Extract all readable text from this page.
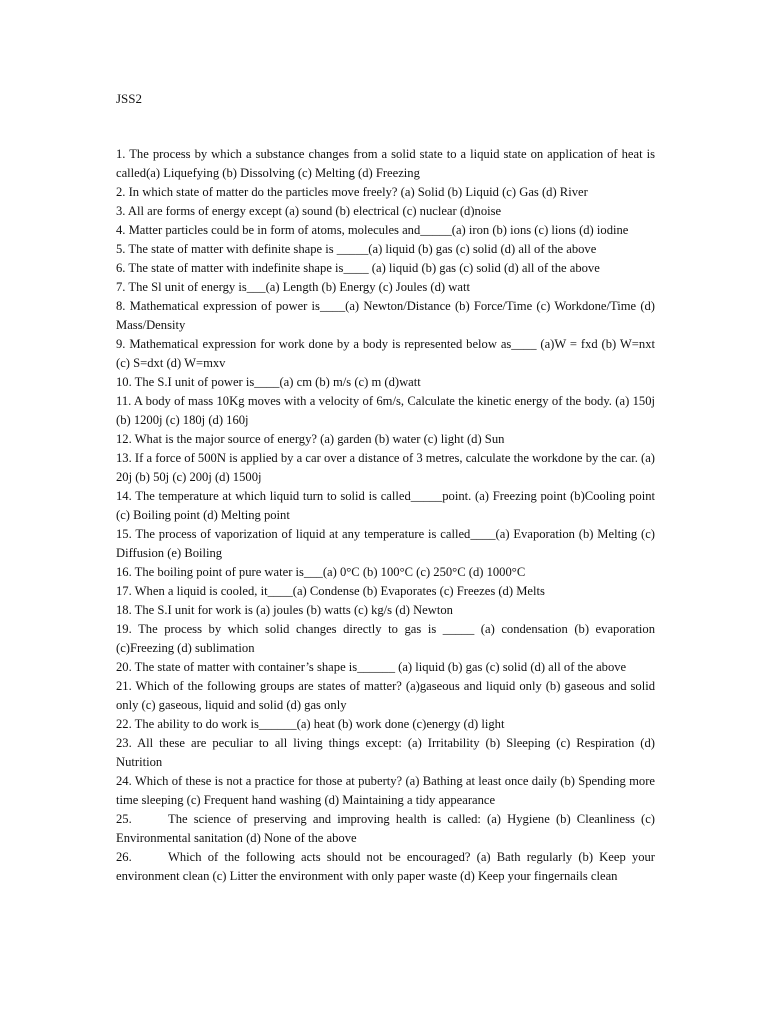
JSS2

1. The process by which a substance changes from a solid state to a liquid state on application of heat is called(a) Liquefying (b) Dissolving (c) Melting (d) Freezing

2. In which state of matter do the particles move freely? (a) Solid (b) Liquid (c) Gas (d) River

3. All are forms of energy except (a) sound (b) electrical (c) nuclear (d)noise

4. Matter particles could be in form of atoms, molecules and_____(a) iron (b) ions (c) lions (d) iodine

5. The state of matter with definite shape is _____(a) liquid (b) gas (c) solid (d) all of the above

6. The state of matter with indefinite shape is____ (a) liquid (b) gas (c) solid (d) all of the above

7. The Sl unit of energy is___(a) Length (b) Energy (c) Joules (d) watt

8. Mathematical expression of power is____(a) Newton/Distance (b) Force/Time (c) Workdone/Time (d) Mass/Density

9. Mathematical expression for work done by a body is represented below as____ (a)W = fxd (b) W=nxt (c) S=dxt (d) W=mxv

10. The S.I unit of power is____(a) cm (b) m/s (c) m (d)watt

11. A body of mass 10Kg moves with a velocity of 6m/s, Calculate the kinetic energy of the body. (a) 150j (b) 1200j (c) 180j (d) 160j

12. What is the major source of energy? (a) garden (b) water (c) light (d) Sun

13. If a force of 500N is applied by a car over a distance of 3 metres, calculate the workdone by the car. (a) 20j (b) 50j (c) 200j (d) 1500j

14. The temperature at which liquid turn to solid is called_____point. (a) Freezing point (b)Cooling point (c) Boiling point (d) Melting point

15. The process of vaporization of liquid at any temperature is called____(a) Evaporation (b) Melting (c) Diffusion (e) Boiling

16. The boiling point of pure water is___(a) 0°C (b) 100°C (c) 250°C (d) 1000°C

17. When a liquid is cooled, it____(a) Condense (b) Evaporates (c) Freezes (d) Melts

18. The S.I unit for work is (a) joules (b) watts (c) kg/s (d) Newton

19. The process by which solid changes directly to gas is _____ (a) condensation (b) evaporation (c)Freezing (d) sublimation

20. The state of matter with container’s shape is______ (a) liquid (b) gas (c) solid (d) all of the above

21. Which of the following groups are states of matter? (a)gaseous and liquid only (b) gaseous and solid only (c) gaseous, liquid and solid (d) gas only

22. The ability to do work is______(a) heat (b) work done (c)energy (d) light

23. All these are peculiar to all living things except: (a) Irritability (b) Sleeping (c) Respiration (d) Nutrition

24. Which of these is not a practice for those at puberty? (a) Bathing at least once daily (b) Spending more time sleeping (c) Frequent hand washing (d) Maintaining a tidy appearance

25.	The science of preserving and improving health is called: (a) Hygiene (b) Cleanliness (c) Environmental sanitation (d) None of the above

26.	Which of the following acts should not be encouraged? (a) Bath regularly (b) Keep your environment clean (c) Litter the environment with only paper waste (d) Keep your fingernails clean
